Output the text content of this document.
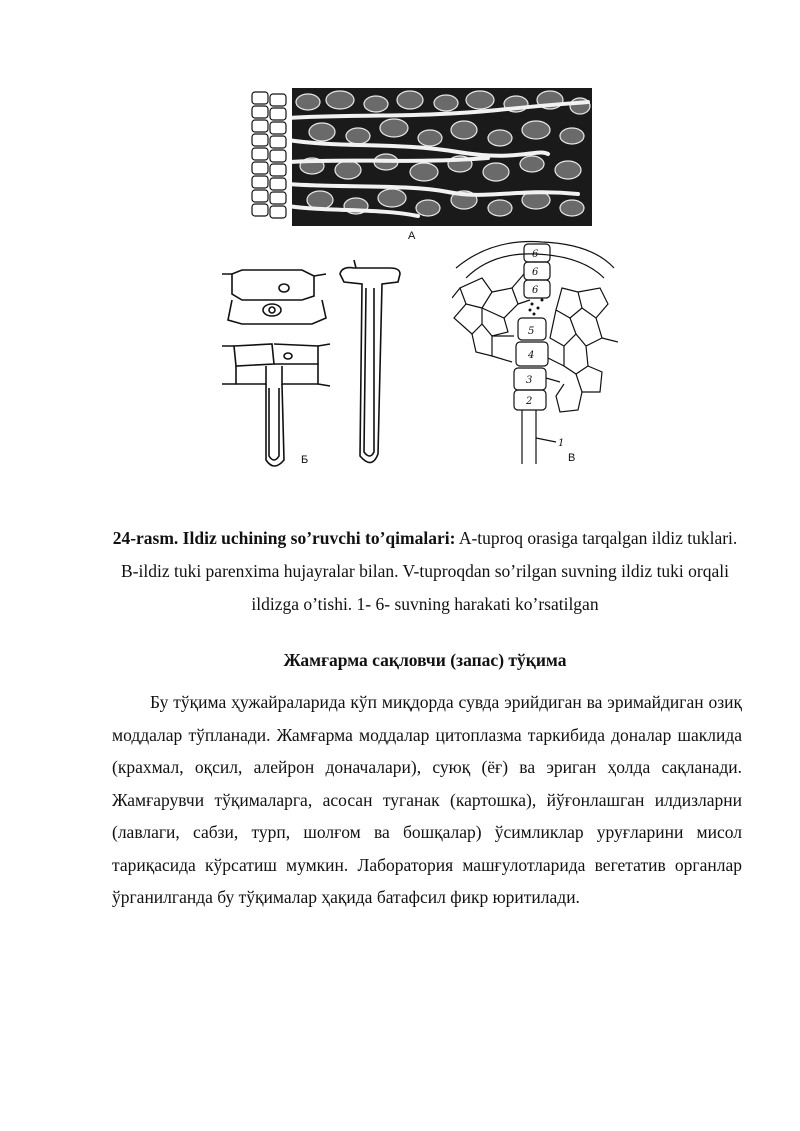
A
Б
6
6
6
5
4
3
2
1
В
24-rasm. Ildiz uchining so’ruvchi to’qimalari: A-tuproq orasiga tarqalgan ildiz tuklari. B-ildiz tuki parenxima hujayralar bilan. V-tuproqdan so’rilgan suvning ildiz tuki orqali ildizga o’tishi. 1- 6- suvning harakati ko’rsatilgan
Жамғарма сақловчи (запас) тўқима

Бу тўқима ҳужайраларида кўп миқдорда сувда эрийдиган ва эримайдиган озиқ моддалар тўпланади. Жамғарма моддалар цитоплазма таркибида доналар шаклида (крахмал, оқсил, алейрон доначалари), суюқ (ёғ) ва эриган ҳолда сақланади. Жамғарувчи тўқималарга, асосан туганак (картошка), йўғонлашган илдизларни (лавлаги, сабзи, турп, шолғом ва бошқалар) ўсимликлар уруғларини мисол тариқасида кўрсатиш мумкин. Лаборатория машғулотларида вегетатив органлар ўрганилганда бу тўқималар ҳақида батафсил фикр юритилади.
